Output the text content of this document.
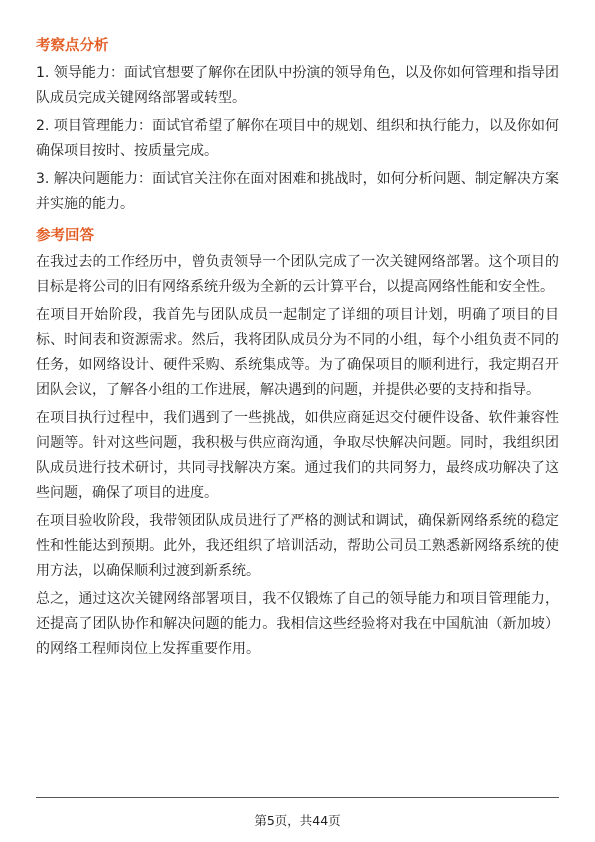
考察点分析
1. 领导能力：面试官想要了解你在团队中扮演的领导角色，以及你如何管理和指导团队成员完成关键网络部署或转型。
2. 项目管理能力：面试官希望了解你在项目中的规划、组织和执行能力，以及你如何确保项目按时、按质量完成。
3. 解决问题能力：面试官关注你在面对困难和挑战时，如何分析问题、制定解决方案并实施的能力。
参考回答
在我过去的工作经历中，曾负责领导一个团队完成了一次关键网络部署。这个项目的目标是将公司的旧有网络系统升级为全新的云计算平台，以提高网络性能和安全性。
在项目开始阶段，我首先与团队成员一起制定了详细的项目计划，明确了项目的目标、时间表和资源需求。然后，我将团队成员分为不同的小组，每个小组负责不同的任务，如网络设计、硬件采购、系统集成等。为了确保项目的顺利进行，我定期召开团队会议，了解各小组的工作进展，解决遇到的问题，并提供必要的支持和指导。
在项目执行过程中，我们遇到了一些挑战，如供应商延迟交付硬件设备、软件兼容性问题等。针对这些问题，我积极与供应商沟通，争取尽快解决问题。同时，我组织团队成员进行技术研讨，共同寻找解决方案。通过我们的共同努力，最终成功解决了这些问题，确保了项目的进度。
在项目验收阶段，我带领团队成员进行了严格的测试和调试，确保新网络系统的稳定性和性能达到预期。此外，我还组织了培训活动，帮助公司员工熟悉新网络系统的使用方法，以确保顺利过渡到新系统。
总之，通过这次关键网络部署项目，我不仅锻炼了自己的领导能力和项目管理能力，还提高了团队协作和解决问题的能力。我相信这些经验将对我在中国航油（新加坡）的网络工程师岗位上发挥重要作用。
第5页，共44页
